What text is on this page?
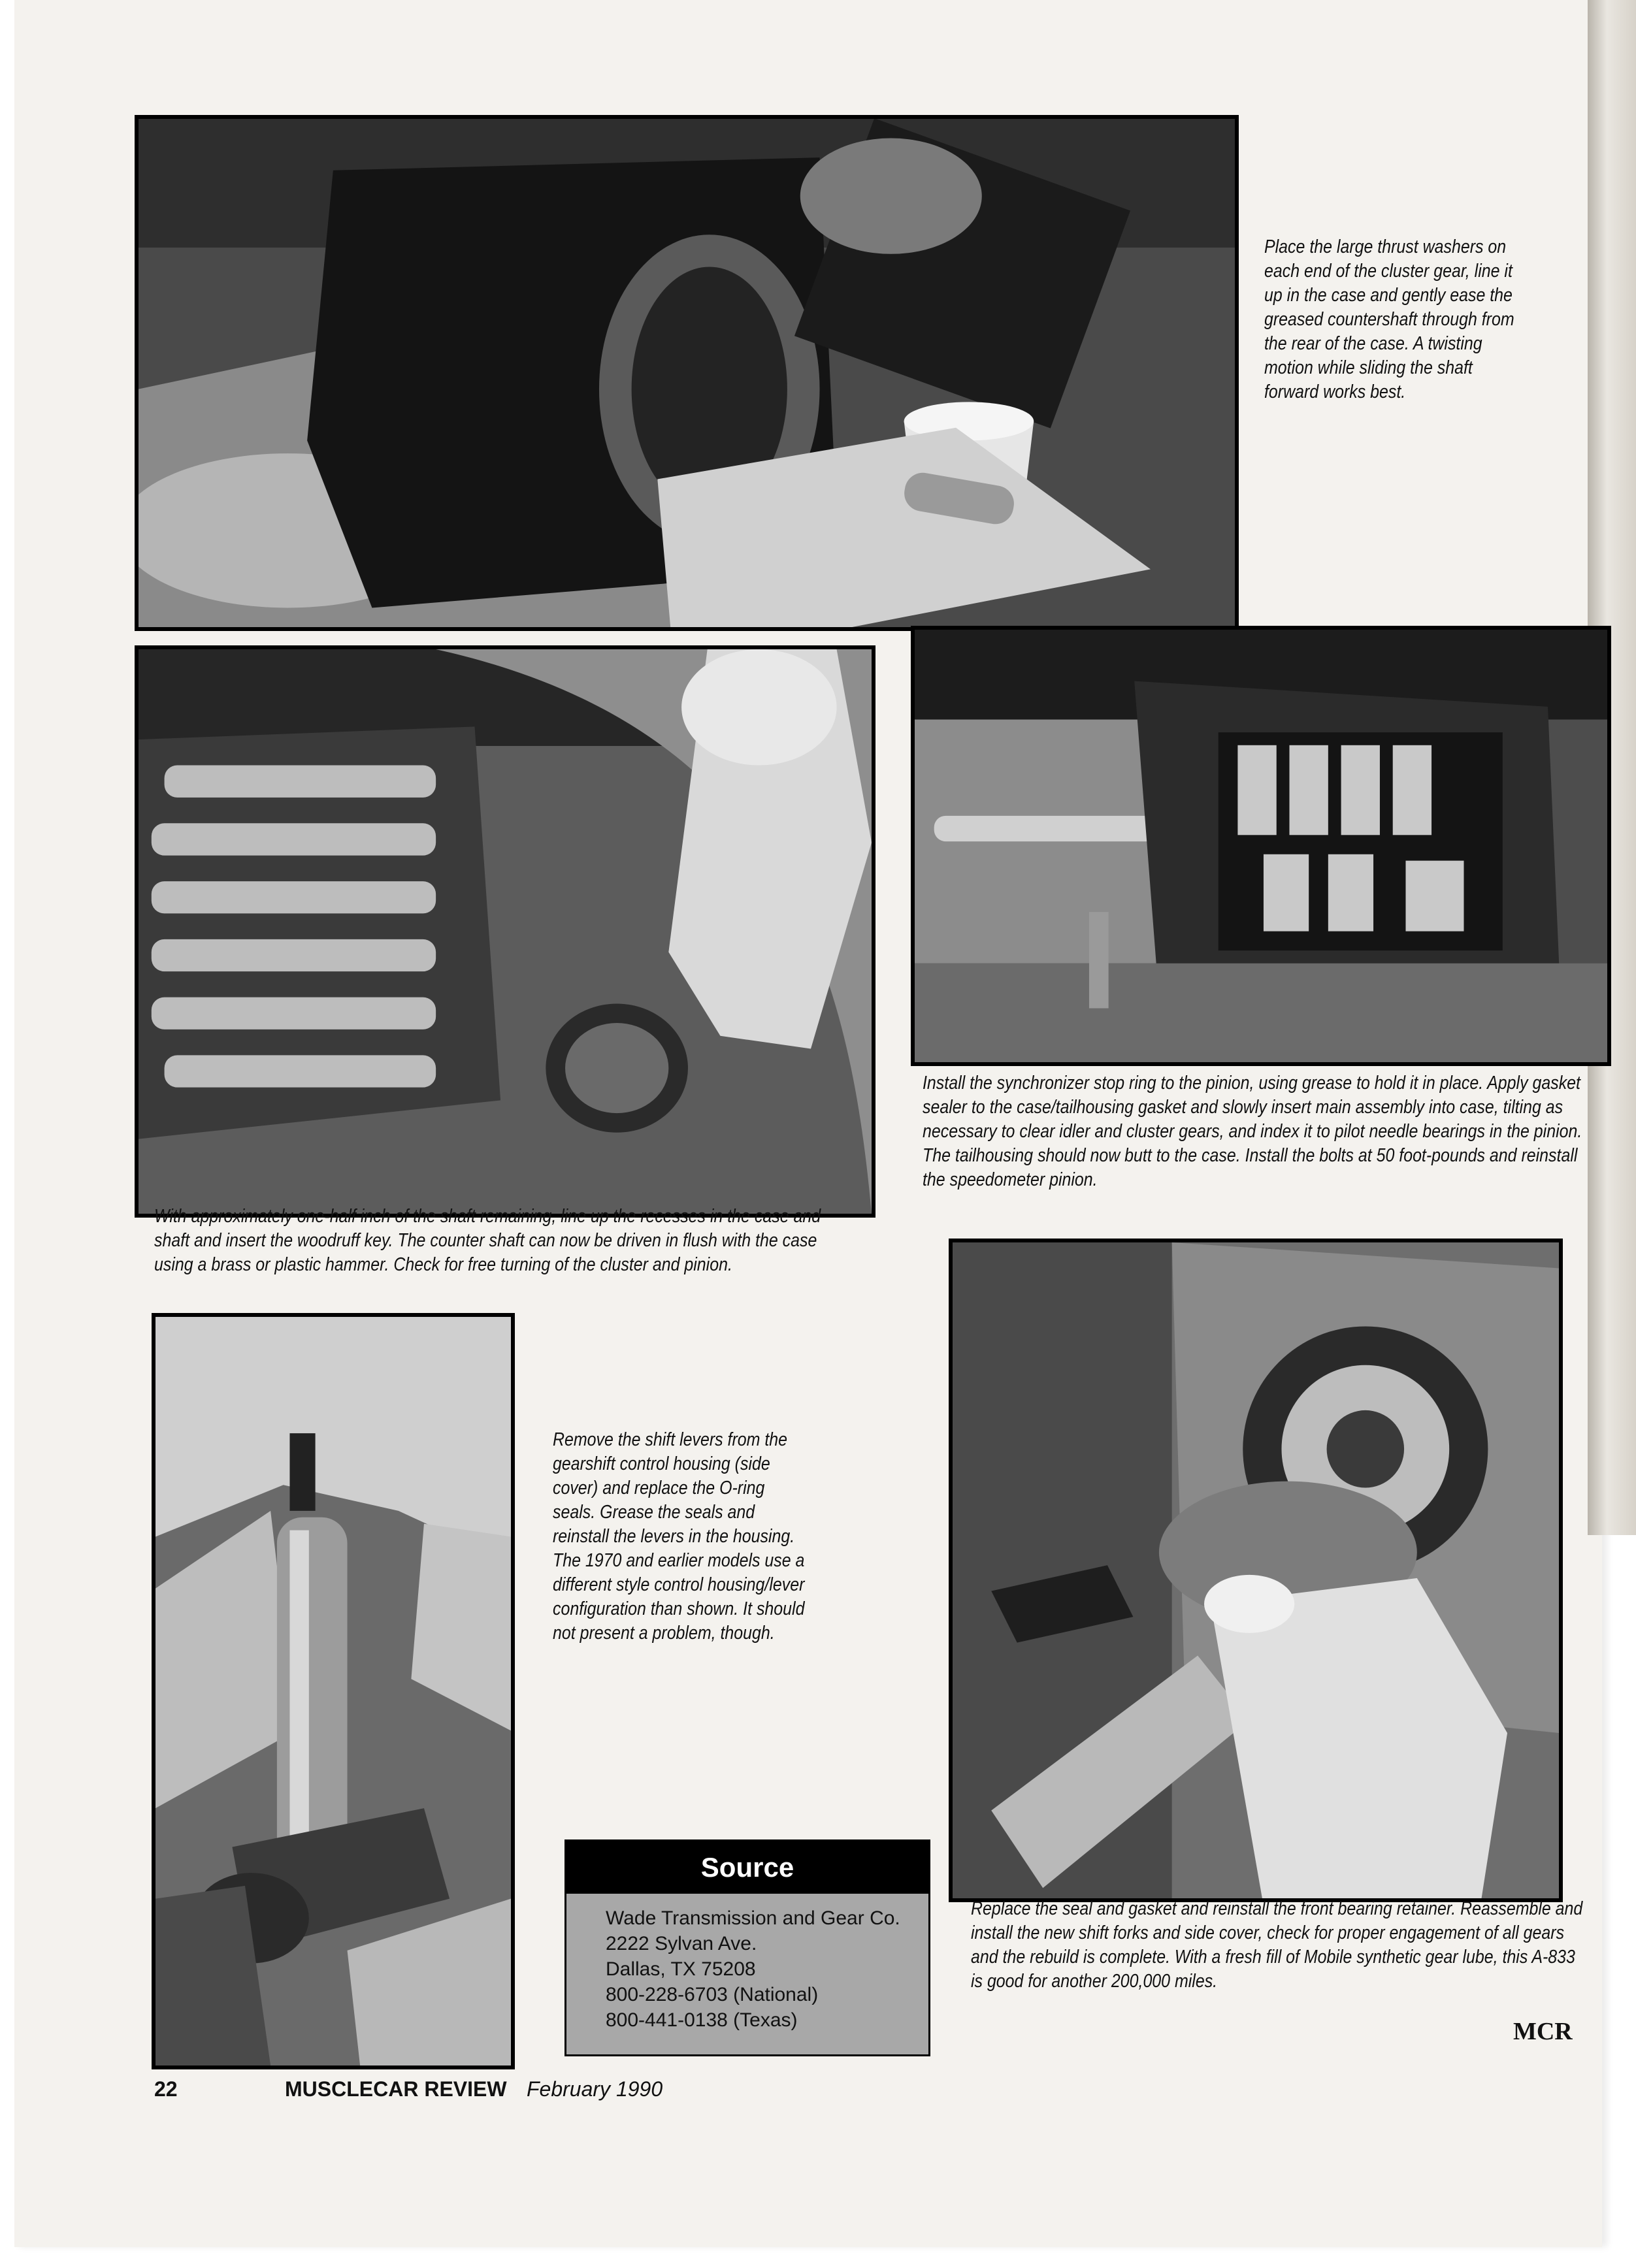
Place the large thrust washers on each end of the cluster gear, line it up in the case and gently ease the greased countershaft through from the rear of the case. A twisting motion while sliding the shaft forward works best.

With approximately one-half inch of the shaft remaining, line up the recesses in the case and shaft and insert the woodruff key. The counter shaft can now be driven in flush with the case using a brass or plastic hammer. Check for free turning of the cluster and pinion.

Install the synchronizer stop ring to the pinion, using grease to hold it in place. Apply gasket sealer to the case/tailhousing gasket and slowly insert main assembly into case, tilting as necessary to clear idler and cluster gears, and index it to pilot needle bearings in the pinion. The tailhousing should now butt to the case. Install the bolts at 50 foot-pounds and reinstall the speedometer pinion.

Remove the shift levers from the gearshift control housing (side cover) and replace the O-ring seals. Grease the seals and reinstall the levers in the housing. The 1970 and earlier models use a different style control housing/lever configuration than shown. It should not present a problem, though.

Replace the seal and gasket and reinstall the front bearing retainer. Reassemble and install the new shift forks and side cover, check for proper engagement of all gears and the rebuild is complete. With a fresh fill of Mobile synthetic gear lube, this A-833 is good for another 200,000 miles.

Source
Wade Transmission and Gear Co.
2222 Sylvan Ave.
Dallas, TX 75208
800-228-6703 (National)
800-441-0138 (Texas)	MCR
22	MUSCLECAR REVIEW February 1990
